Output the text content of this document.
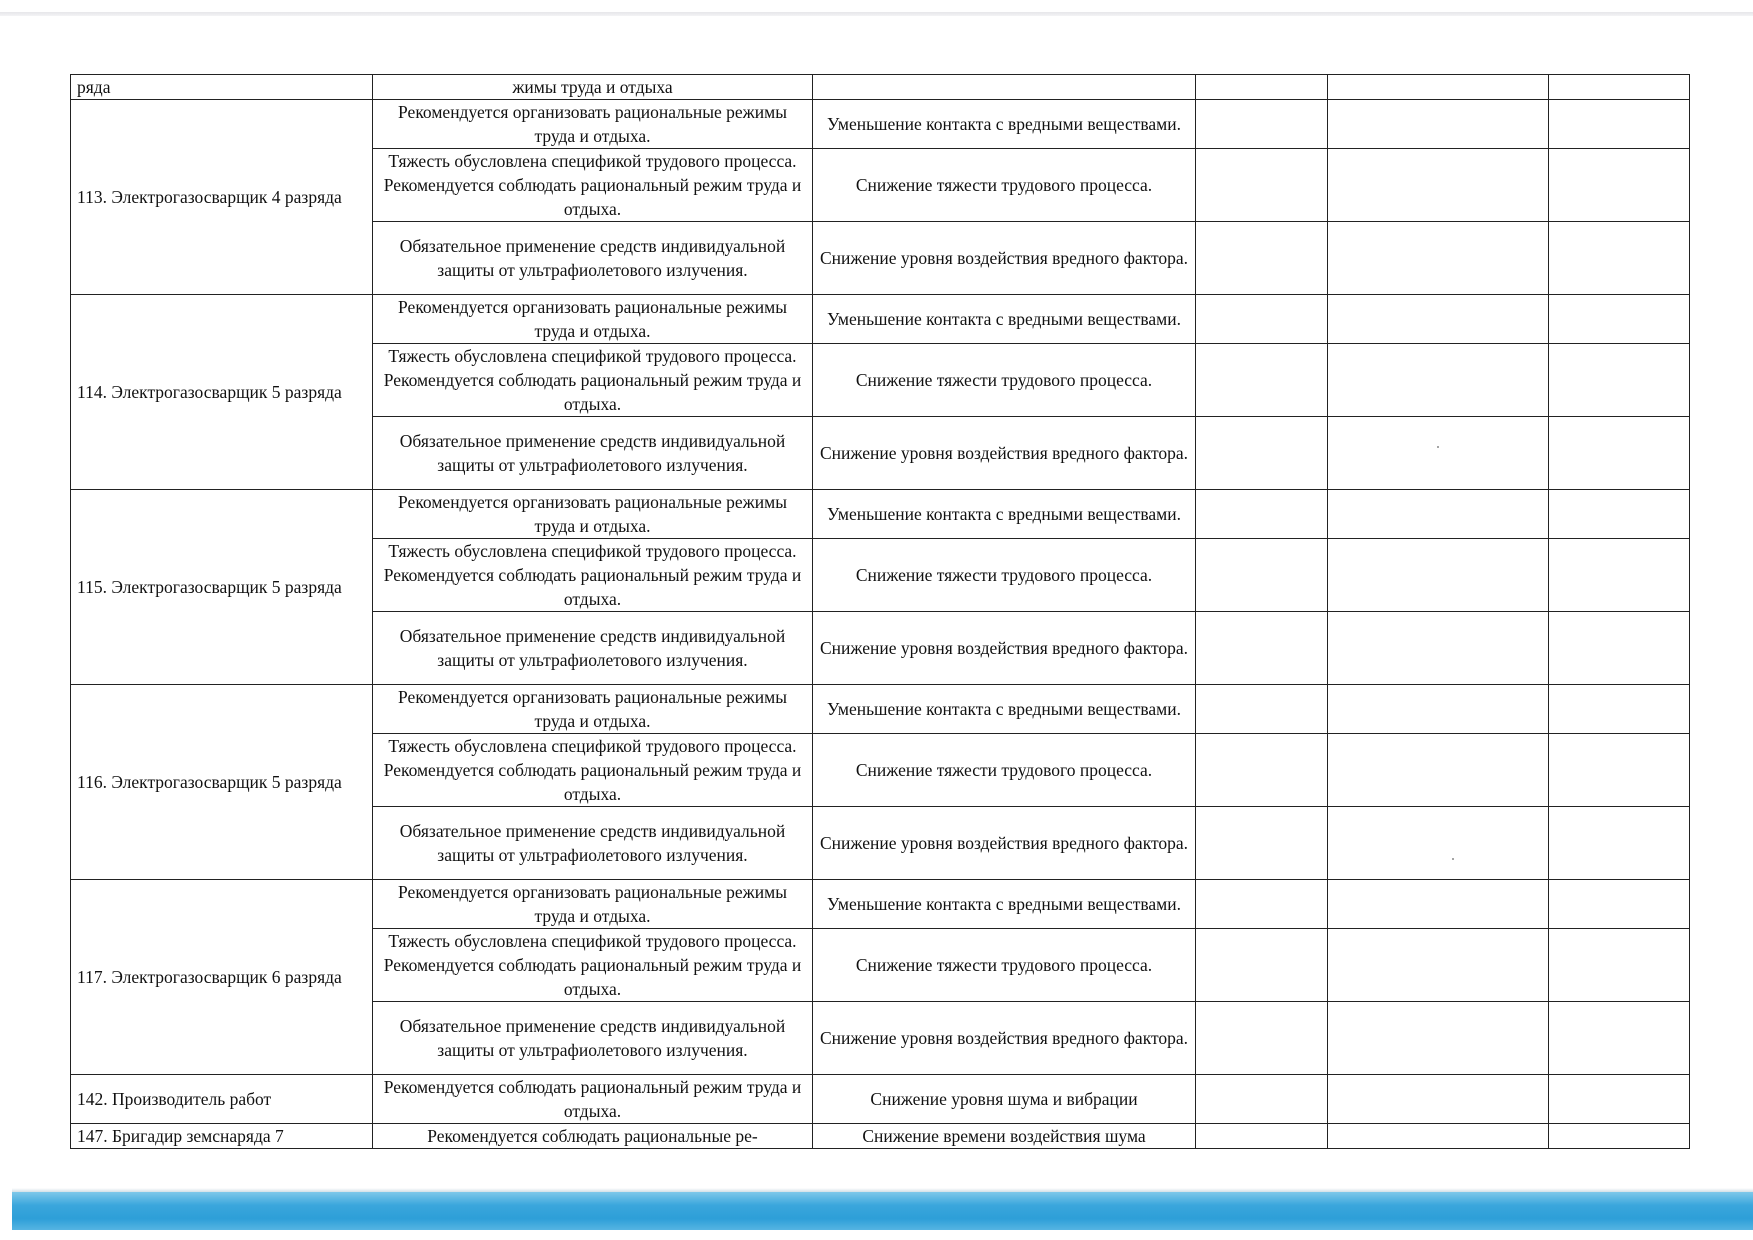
ряда	жимы труда и отдыха				
113. Электрогазосварщик 4 разряда	Рекомендуется организовать рациональные режимы труда и отдыха.	Уменьшение контакта с вредными веществами.			
	Тяжесть обусловлена спецификой трудового процесса. Рекомендуется соблюдать рациональный режим труда и отдыха.	Снижение тяжести трудового процесса.			
	Обязательное применение средств индивидуальной защиты от ультрафиолетового излучения.	Снижение уровня воздействия вредного фактора.			
114. Электрогазосварщик 5 разряда	Рекомендуется организовать рациональные режимы труда и отдыха.	Уменьшение контакта с вредными веществами.			
	Тяжесть обусловлена спецификой трудового процесса. Рекомендуется соблюдать рациональный режим труда и отдыха.	Снижение тяжести трудового процесса.			
	Обязательное применение средств индивидуальной защиты от ультрафиолетового излучения.	Снижение уровня воздействия вредного фактора.			
115. Электрогазосварщик 5 разряда	Рекомендуется организовать рациональные режимы труда и отдыха.	Уменьшение контакта с вредными веществами.			
	Тяжесть обусловлена спецификой трудового процесса. Рекомендуется соблюдать рациональный режим труда и отдыха.	Снижение тяжести трудового процесса.			
	Обязательное применение средств индивидуальной защиты от ультрафиолетового излучения.	Снижение уровня воздействия вредного фактора.			
116. Электрогазосварщик 5 разряда	Рекомендуется организовать рациональные режимы труда и отдыха.	Уменьшение контакта с вредными веществами.			
	Тяжесть обусловлена спецификой трудового процесса. Рекомендуется соблюдать рациональный режим труда и отдыха.	Снижение тяжести трудового процесса.			
	Обязательное применение средств индивидуальной защиты от ультрафиолетового излучения.	Снижение уровня воздействия вредного фактора.			
117. Электрогазосварщик 6 разряда	Рекомендуется организовать рациональные режимы труда и отдыха.	Уменьшение контакта с вредными веществами.			
	Тяжесть обусловлена спецификой трудового процесса. Рекомендуется соблюдать рациональный режим труда и отдыха.	Снижение тяжести трудового процесса.			
	Обязательное применение средств индивидуальной защиты от ультрафиолетового излучения.	Снижение уровня воздействия вредного фактора.			
142. Производитель работ	Рекомендуется соблюдать рациональный режим труда и отдыха.	Снижение уровня шума и вибрации			
147. Бригадир земснаряда 7	Рекомендуется соблюдать рациональные ре-	Снижение времени воздействия шума			
